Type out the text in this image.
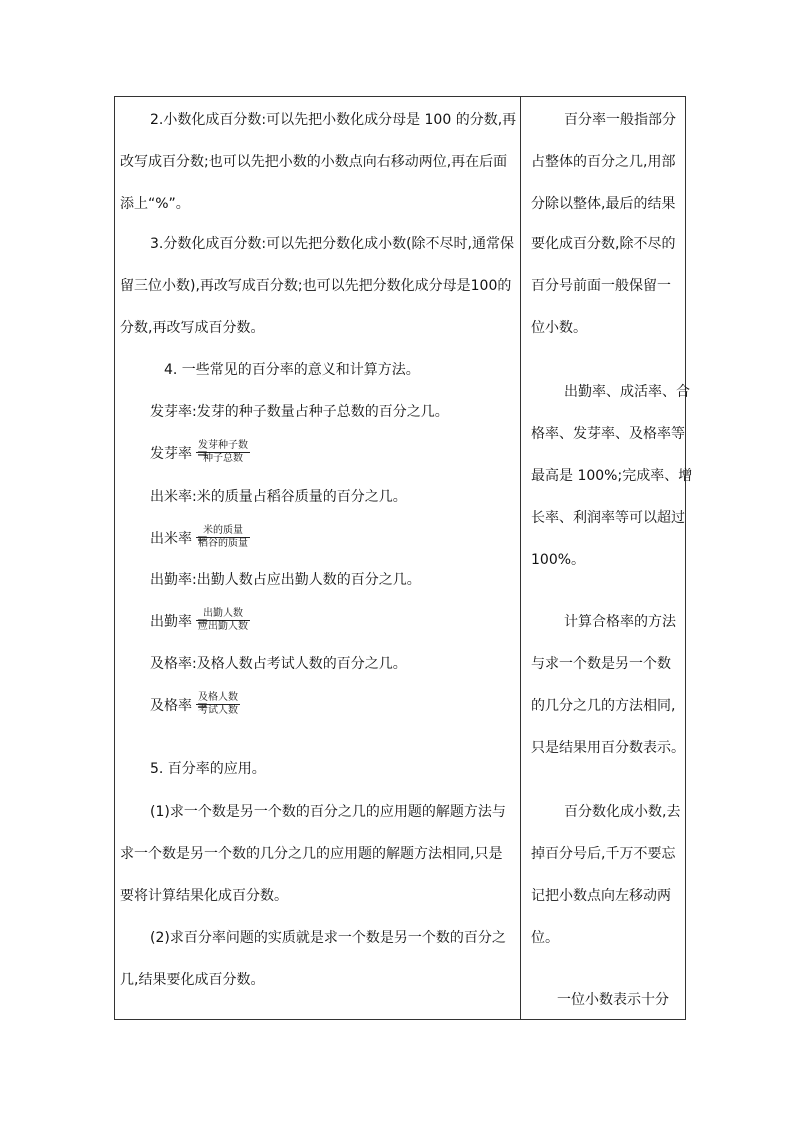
2.小数化成百分数:可以先把小数化成分母是 100 的分数,再
改写成百分数;也可以先把小数的小数点向右移动两位,再在后面
添上“%”。
3.分数化成百分数:可以先把分数化成小数(除不尽时,通常保
留三位小数),再改写成百分数;也可以先把分数化成分母是100的
分数,再改写成百分数。
4. 一些常见的百分率的意义和计算方法。
发芽率:发芽的种子数量占种子总数的百分之几。
发芽率 =
发芽种子数
种子总数
出米率:米的质量占稻谷质量的百分之几。
出米率 =
米的质量
稻谷的质量
出勤率:出勤人数占应出勤人数的百分之几。
出勤率 =
出勤人数
应出勤人数
及格率:及格人数占考试人数的百分之几。
及格率 =
及格人数
考试人数
5. 百分率的应用。
(1)求一个数是另一个数的百分之几的应用题的解题方法与
求一个数是另一个数的几分之几的应用题的解题方法相同,只是
要将计算结果化成百分数。
(2)求百分率问题的实质就是求一个数是另一个数的百分之
几,结果要化成百分数。
百分率一般指部分
占整体的百分之几,用部
分除以整体,最后的结果
要化成百分数,除不尽的
百分号前面一般保留一
位小数。
出勤率、成活率、合
格率、发芽率、及格率等
最高是 100%;完成率、增
长率、利润率等可以超过
100%。
计算合格率的方法
与求一个数是另一个数
的几分之几的方法相同,
只是结果用百分数表示。
百分数化成小数,去
掉百分号后,千万不要忘
记把小数点向左移动两
位。
一位小数表示十分
